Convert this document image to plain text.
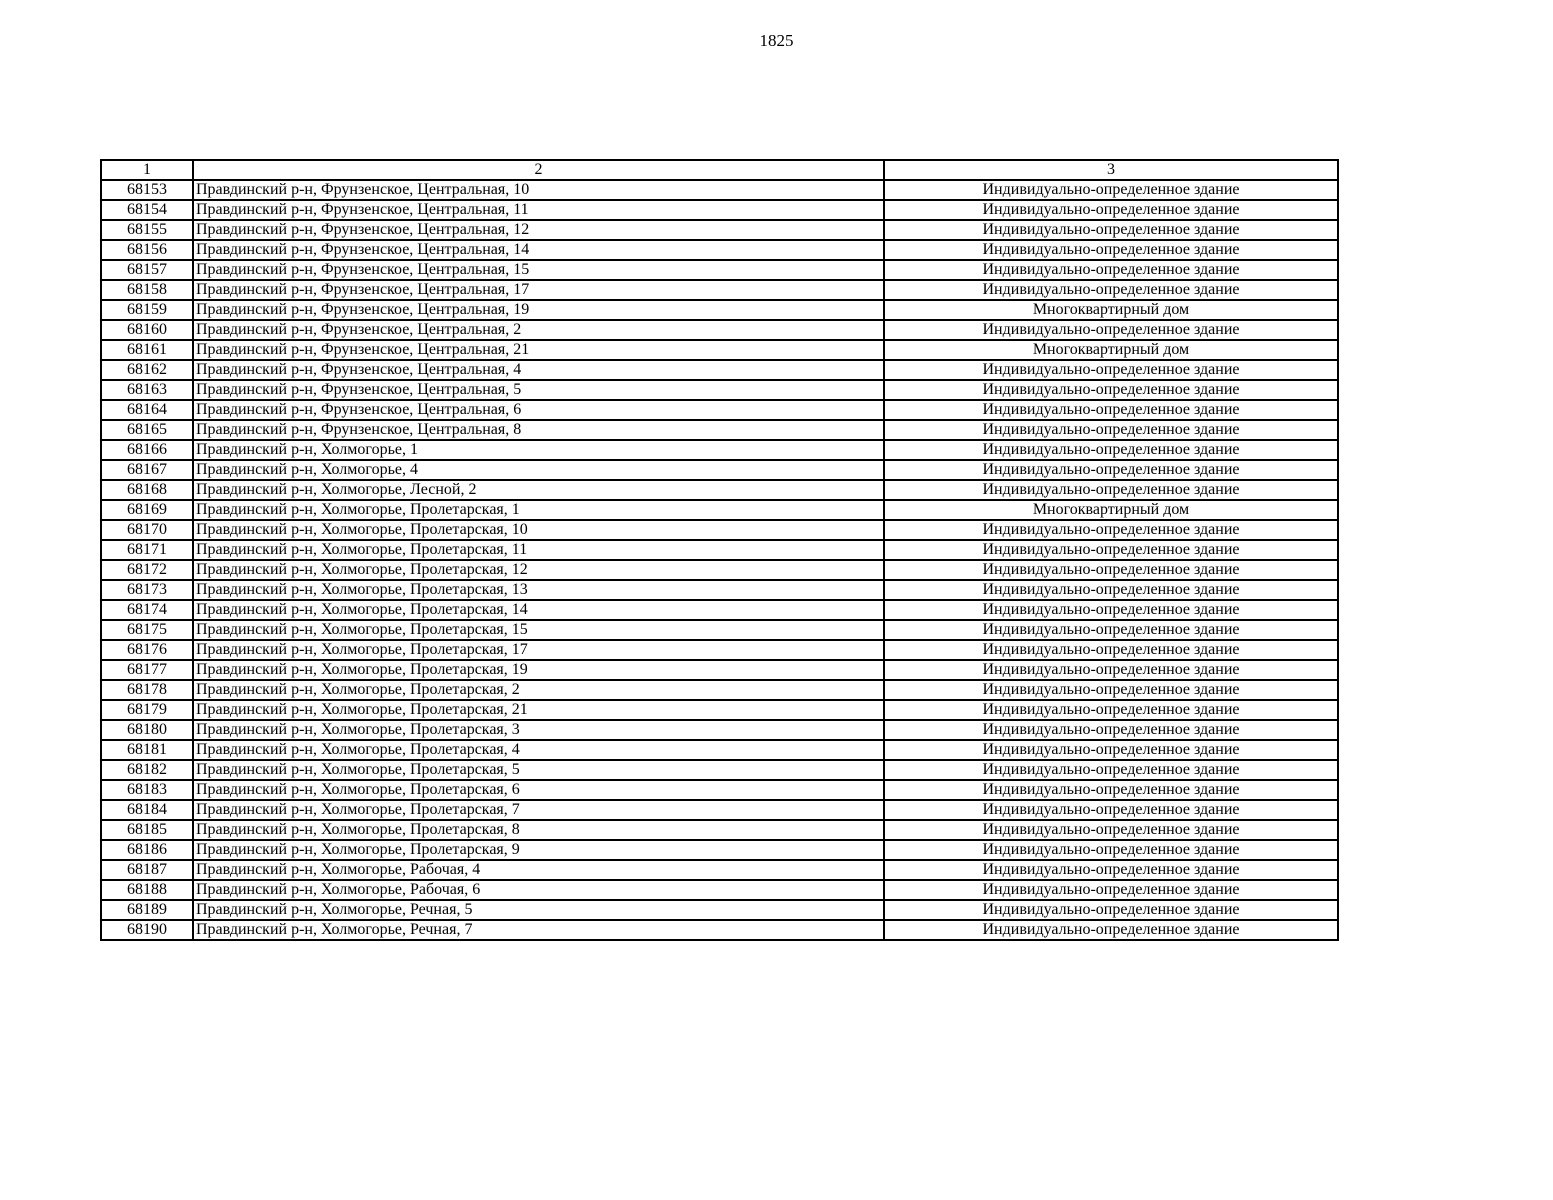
1825
1	2	3
68153	Правдинский р-н, Фрунзенское, Центральная, 10	Индивидуально-определенное здание
68154	Правдинский р-н, Фрунзенское, Центральная, 11	Индивидуально-определенное здание
68155	Правдинский р-н, Фрунзенское, Центральная, 12	Индивидуально-определенное здание
68156	Правдинский р-н, Фрунзенское, Центральная, 14	Индивидуально-определенное здание
68157	Правдинский р-н, Фрунзенское, Центральная, 15	Индивидуально-определенное здание
68158	Правдинский р-н, Фрунзенское, Центральная, 17	Индивидуально-определенное здание
68159	Правдинский р-н, Фрунзенское, Центральная, 19	Многоквартирный дом
68160	Правдинский р-н, Фрунзенское, Центральная, 2	Индивидуально-определенное здание
68161	Правдинский р-н, Фрунзенское, Центральная, 21	Многоквартирный дом
68162	Правдинский р-н, Фрунзенское, Центральная, 4	Индивидуально-определенное здание
68163	Правдинский р-н, Фрунзенское, Центральная, 5	Индивидуально-определенное здание
68164	Правдинский р-н, Фрунзенское, Центральная, 6	Индивидуально-определенное здание
68165	Правдинский р-н, Фрунзенское, Центральная, 8	Индивидуально-определенное здание
68166	Правдинский р-н, Холмогорье, 1	Индивидуально-определенное здание
68167	Правдинский р-н, Холмогорье, 4	Индивидуально-определенное здание
68168	Правдинский р-н, Холмогорье, Лесной, 2	Индивидуально-определенное здание
68169	Правдинский р-н, Холмогорье, Пролетарская, 1	Многоквартирный дом
68170	Правдинский р-н, Холмогорье, Пролетарская, 10	Индивидуально-определенное здание
68171	Правдинский р-н, Холмогорье, Пролетарская, 11	Индивидуально-определенное здание
68172	Правдинский р-н, Холмогорье, Пролетарская, 12	Индивидуально-определенное здание
68173	Правдинский р-н, Холмогорье, Пролетарская, 13	Индивидуально-определенное здание
68174	Правдинский р-н, Холмогорье, Пролетарская, 14	Индивидуально-определенное здание
68175	Правдинский р-н, Холмогорье, Пролетарская, 15	Индивидуально-определенное здание
68176	Правдинский р-н, Холмогорье, Пролетарская, 17	Индивидуально-определенное здание
68177	Правдинский р-н, Холмогорье, Пролетарская, 19	Индивидуально-определенное здание
68178	Правдинский р-н, Холмогорье, Пролетарская, 2	Индивидуально-определенное здание
68179	Правдинский р-н, Холмогорье, Пролетарская, 21	Индивидуально-определенное здание
68180	Правдинский р-н, Холмогорье, Пролетарская, 3	Индивидуально-определенное здание
68181	Правдинский р-н, Холмогорье, Пролетарская, 4	Индивидуально-определенное здание
68182	Правдинский р-н, Холмогорье, Пролетарская, 5	Индивидуально-определенное здание
68183	Правдинский р-н, Холмогорье, Пролетарская, 6	Индивидуально-определенное здание
68184	Правдинский р-н, Холмогорье, Пролетарская, 7	Индивидуально-определенное здание
68185	Правдинский р-н, Холмогорье, Пролетарская, 8	Индивидуально-определенное здание
68186	Правдинский р-н, Холмогорье, Пролетарская, 9	Индивидуально-определенное здание
68187	Правдинский р-н, Холмогорье, Рабочая, 4	Индивидуально-определенное здание
68188	Правдинский р-н, Холмогорье, Рабочая, 6	Индивидуально-определенное здание
68189	Правдинский р-н, Холмогорье, Речная, 5	Индивидуально-определенное здание
68190	Правдинский р-н, Холмогорье, Речная, 7	Индивидуально-определенное здание
